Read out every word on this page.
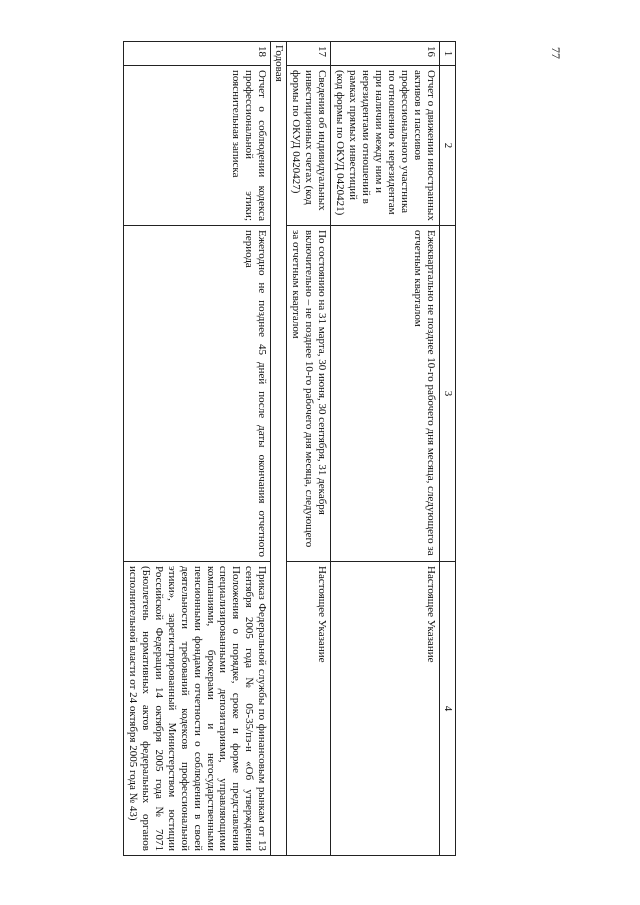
77
1	2	3	4
16	Отчет о движении иностранных активов и пассивов профессионального участника по отношению к нерезидентам при наличии между ним и нерезидентами отношений в рамках прямых инвестиций (код формы по ОКУД 0420421)	Ежеквартально не позднее 10-го рабочего дня месяца, следующего за отчетным кварталом	Настоящее Указание
17	Сведения об индивидуальных инвестиционных счетах (код формы по ОКУД 0420427)	По состоянию на 31 марта, 30 июня, 30 сентября, 31 декабря включительно – не позднее 10-го рабочего дня месяца, следующего за отчетным кварталом	Настоящее Указание
Годовая			
18	Отчет о соблюдении кодекса профессиональной этики; пояснительная записка	Ежегодно не позднее 45 дней после даты окончания отчетного периода	Приказ Федеральной службы по финансовым рынкам от 13 сентября 2005 года № 05-35/пз-н «Об утверждении Положения о порядке, сроке и форме представления специализированными депозитариями, управляющими компаниями, брокерами и негосударственными пенсионными фондами отчетности о соблюдении в своей деятельности требований кодексов профессиональной этики», зарегистрированный Министерством юстиции Российской Федерации 14 октября 2005 года № 7071 (Бюллетень нормативных актов федеральных органов исполнительной власти от 24 октября 2005 года № 43)
